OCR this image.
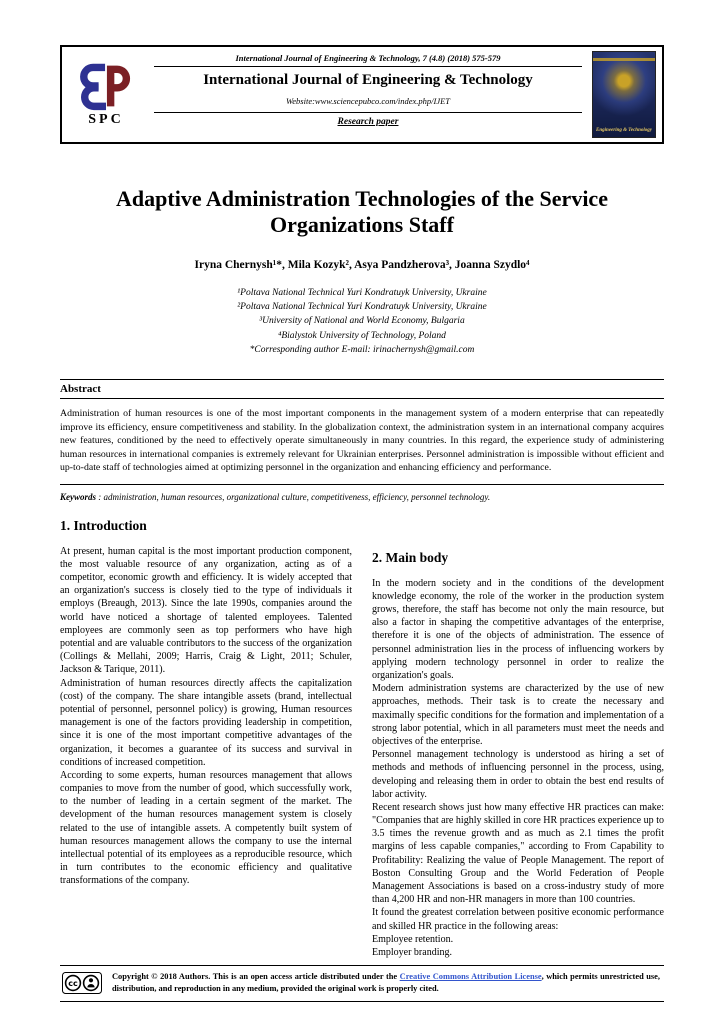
SPC
International Journal of Engineering & Technology, 7 (4.8) (2018) 575-579
International Journal of Engineering & Technology
Website:www.sciencepubco.com/index.php/IJET
Research paper
Engineering & Technology
Adaptive Administration Technologies of the Service Organizations Staff
Iryna Chernysh¹*, Mila Kozyk², Asya Pandzherova³, Joanna Szydlo⁴
¹Poltava National Technical Yuri Kondratuyk University, Ukraine
²Poltava National Technical Yuri Kondratuyk University, Ukraine
³University of National and World Economy, Bulgaria
⁴Bialystok University of Technology, Poland
*Corresponding author E-mail: irinachernysh@gmail.com
Abstract

Administration of human resources is one of the most important components in the management system of a modern enterprise that can repeatedly improve its efficiency, ensure competitiveness and stability. In the globalization context, the administration system in an international company acquires new features, conditioned by the need to effectively operate simultaneously in many countries. In this regard, the experience study of administering human resources in international companies is extremely relevant for Ukrainian enterprises. Personnel administration is impossible without efficient and up-to-date staff of technologies aimed at optimizing personnel in the organization and enhancing efficiency and performance.

Keywords : administration, human resources, organizational culture, competitiveness, efficiency, personnel technology.
1. Introduction

At present, human capital is the most important production component, the most valuable resource of any organization, acting as of a competitor, economic growth and efficiency. It is widely accepted that an organization's success is closely tied to the type of individuals it employs (Breaugh, 2013). Since the late 1990s, companies around the world have noticed a shortage of talented employees. Talented employees are commonly seen as top performers who have high potential and are valuable contributors to the success of the organization (Collings & Mellahi, 2009; Harris, Craig & Light, 2011; Schuler, Jackson & Tarique, 2011).

Administration of human resources directly affects the capitalization (cost) of the company. The share intangible assets (brand, intellectual potential of personnel, personnel policy) is growing, Human resources management is one of the factors providing leadership in competition, since it is one of the most important competitive advantages of the organization, it becomes a guarantee of its success and survival in conditions of increased competition.

According to some experts, human resources management that allows companies to move from the number of good, which successfully work, to the number of leading in a certain segment of the market. The development of the human resources management system is closely related to the use of intangible assets. A competently built system of human resources management allows the company to use the internal intellectual potential of its employees as a reproducible resource, which in turn contributes to the economic efficiency and qualitative transformations of the company.

2. Main body

In the modern society and in the conditions of the development knowledge economy, the role of the worker in the production system grows, therefore, the staff has become not only the main resource, but also a factor in shaping the competitive advantages of the enterprise, therefore it is one of the objects of administration. The essence of personnel administration lies in the process of influencing workers by applying modern technology personnel in order to realize the organization's goals.

Modern administration systems are characterized by the use of new approaches, methods. Their task is to create the necessary and maximally specific conditions for the formation and implementation of a strong labor potential, which in all parameters must meet the needs and objectives of the enterprise.

Personnel management technology is understood as hiring a set of methods and methods of influencing personnel in the process, using, developing and releasing them in order to obtain the best end results of labor activity.

Recent research shows just how many effective HR practices can make: "Companies that are highly skilled in core HR practices experience up to 3.5 times the revenue growth and as much as 2.1 times the profit margins of less capable companies," according to From Capability to Profitability: Realizing the value of People Management. The report of Boston Consulting Group and the World Federation of People Management Associations is based on a cross-industry study of more than 4,200 HR and non-HR managers in more than 100 countries.

It found the greatest correlation between positive economic performance and skilled HR practice in the following areas:

Employee retention.

Employer branding.

cc
Copyright © 2018 Authors. This is an open access article distributed under the Creative Commons Attribution License, which permits unrestricted use, distribution, and reproduction in any medium, provided the original work is properly cited.
